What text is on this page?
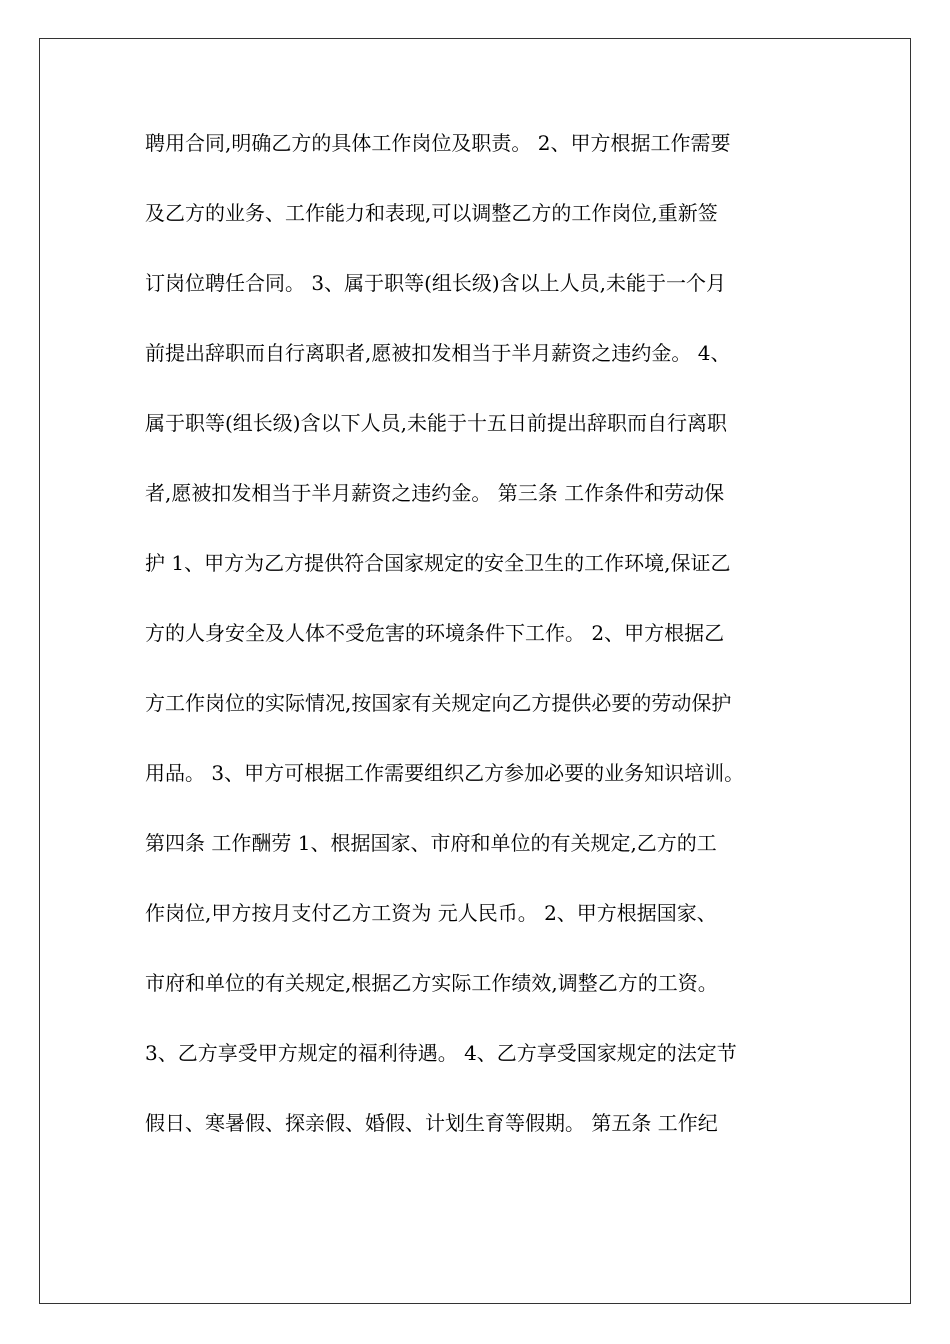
聘用合同,明确乙方的具体工作岗位及职责。 2、甲方根据工作需要
及乙方的业务、工作能力和表现,可以调整乙方的工作岗位,重新签
订岗位聘任合同。 3、属于职等(组长级)含以上人员,未能于一个月
前提出辞职而自行离职者,愿被扣发相当于半月薪资之违约金。 4、
属于职等(组长级)含以下人员,未能于十五日前提出辞职而自行离职
者,愿被扣发相当于半月薪资之违约金。 第三条 工作条件和劳动保
护 1、甲方为乙方提供符合国家规定的安全卫生的工作环境,保证乙
方的人身安全及人体不受危害的环境条件下工作。 2、甲方根据乙
方工作岗位的实际情况,按国家有关规定向乙方提供必要的劳动保护
用品。 3、甲方可根据工作需要组织乙方参加必要的业务知识培训。
第四条 工作酬劳 1、根据国家、市府和单位的有关规定,乙方的工
作岗位,甲方按月支付乙方工资为 元人民币。 2、甲方根据国家、
市府和单位的有关规定,根据乙方实际工作绩效,调整乙方的工资。
3、乙方享受甲方规定的福利待遇。 4、乙方享受国家规定的法定节
假日、寒暑假、探亲假、婚假、计划生育等假期。 第五条 工作纪
